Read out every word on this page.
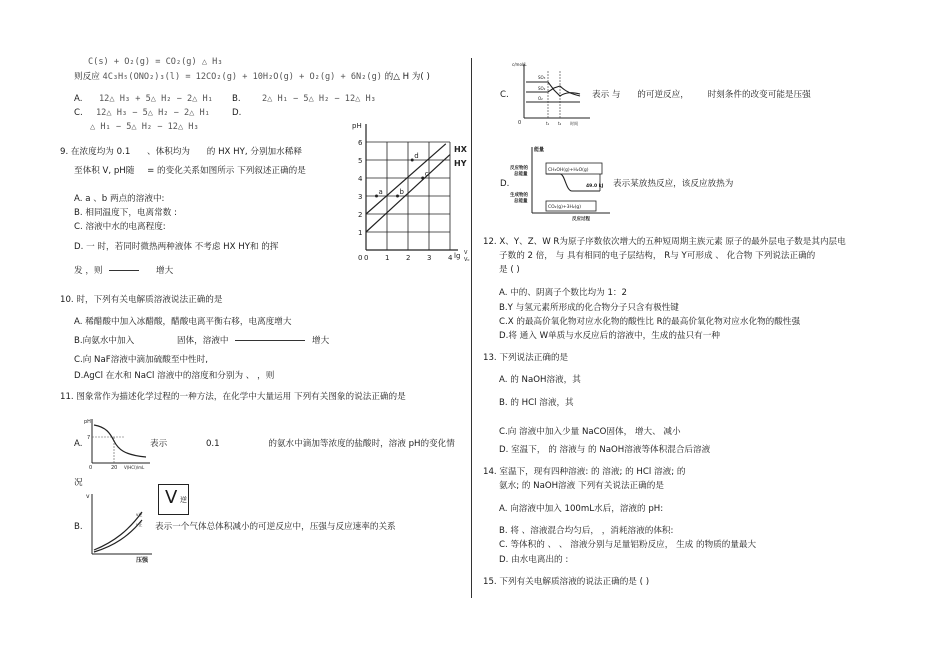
C(s) + O₂(g) = CO₂(g) △ H₃
则反应 4C₃H₅(ONO₂)₃(l) = 12CO₂(g) + 10H₂O(g) + O₂(g) + 6N₂(g) 的△ H 为( )
A. 12△ H₃ + 5△ H₂ − 2△ H₁ B. 2△ H₁ − 5△ H₂ − 12△ H₃
C. 12△ H₃ − 5△ H₂ − 2△ H₁	D.
△ H₁ − 5△ H₂ − 12△ H₃
9. 在浓度均为 0.1 、体积均为 的 HX HY, 分别加水稀释
至体积 V, pH随 = 的变化关系如图所示 下列叙述正确的是
A. a 、b 两点的溶液中:
B. 相同温度下，电离常数 :
C. 溶液中水的电离程度:
D. 一 时，若同时微热两种液体 不考虑 HX HY和 的挥
发 ，则	增大
1
2
3
4
5
6
0 1 2 3 4
0
pH
lg V
V₀
HX
HY
a b
c
d
10. 时，下列有关电解质溶液说法正确的是
A. 稀醋酸中加入冰醋酸，醋酸电离平衡右移，电离度增大
B.向氨水中加入	固体，溶液中	增大
C.向 NaF溶液中滴加硫酸至中性时,
D.AgCl 在水和 NaCl 溶液中的溶度和分别为 、 ，则
11. 图象常作为描述化学过程的一种方法，在化学中大量运用 下列有关图象的说法正确的是
A.
pH
7
0	20 V(HCl)/mL
表示	0.1	的氨水中滴加等浓度的盐酸时，溶液 pH的变化情
况
V 逆
B.
v
v逆
v正
压强
表示一个气体总体积减小的可逆反应中，压强与反应速率的关系
C.
c/mol/L
0
SO₃
SO₂
O₂
t₁ t₂ 时间
表示 与 的可逆反应， 时刻条件的改变可能是压强
D.
能量
反应物的
总能量
生成物的
总能量
CH₃OH(g)+H₂O(g)
CO₂(g)+3H₂(g)
49.0 kJ
反应过程
表示某放热反应，该反应放热为
12. X、Y、Z、W R为原子序数依次增大的五种短周期主族元素 原子的最外层电子数是其内层电
子数的 2 倍， 与 具有相同的电子层结构， R与 Y可形成 、 化合物 下列说法正确的
是 ( )
A. 中的、阴离子个数比均为 1：2
B.Y 与氢元素所形成的化合物分子只含有极性键
C.X 的最高价氧化物对应水化物的酸性比 R的最高价氧化物对应水化物的酸性强
D.将 通入 W单质与水反应后的溶液中，生成的盐只有一种
13. 下列说法正确的是
A. 的 NaOH溶液，其
B. 的 HCl 溶液，其
C.向 溶液中加入少量 NaCO固体， 增大、 减小
D. 室温下， 的 溶液与 的 NaOH溶液等体积混合后溶液
14. 室温下，现有四种溶液: 的 溶液; 的 HCl 溶液; 的
氨水; 的 NaOH溶液 下列有关说法正确的是
A. 向溶液中加入 100mL水后，溶液的 pH:
B. 将 、溶液混合均匀后， ，消耗溶液的体积:
C. 等体积的 、 、 溶液分别与足量铝粉反应， 生成 的物质的量最大
D. 由水电离出的 :
15. 下列有关电解质溶液的说法正确的是 ( )
